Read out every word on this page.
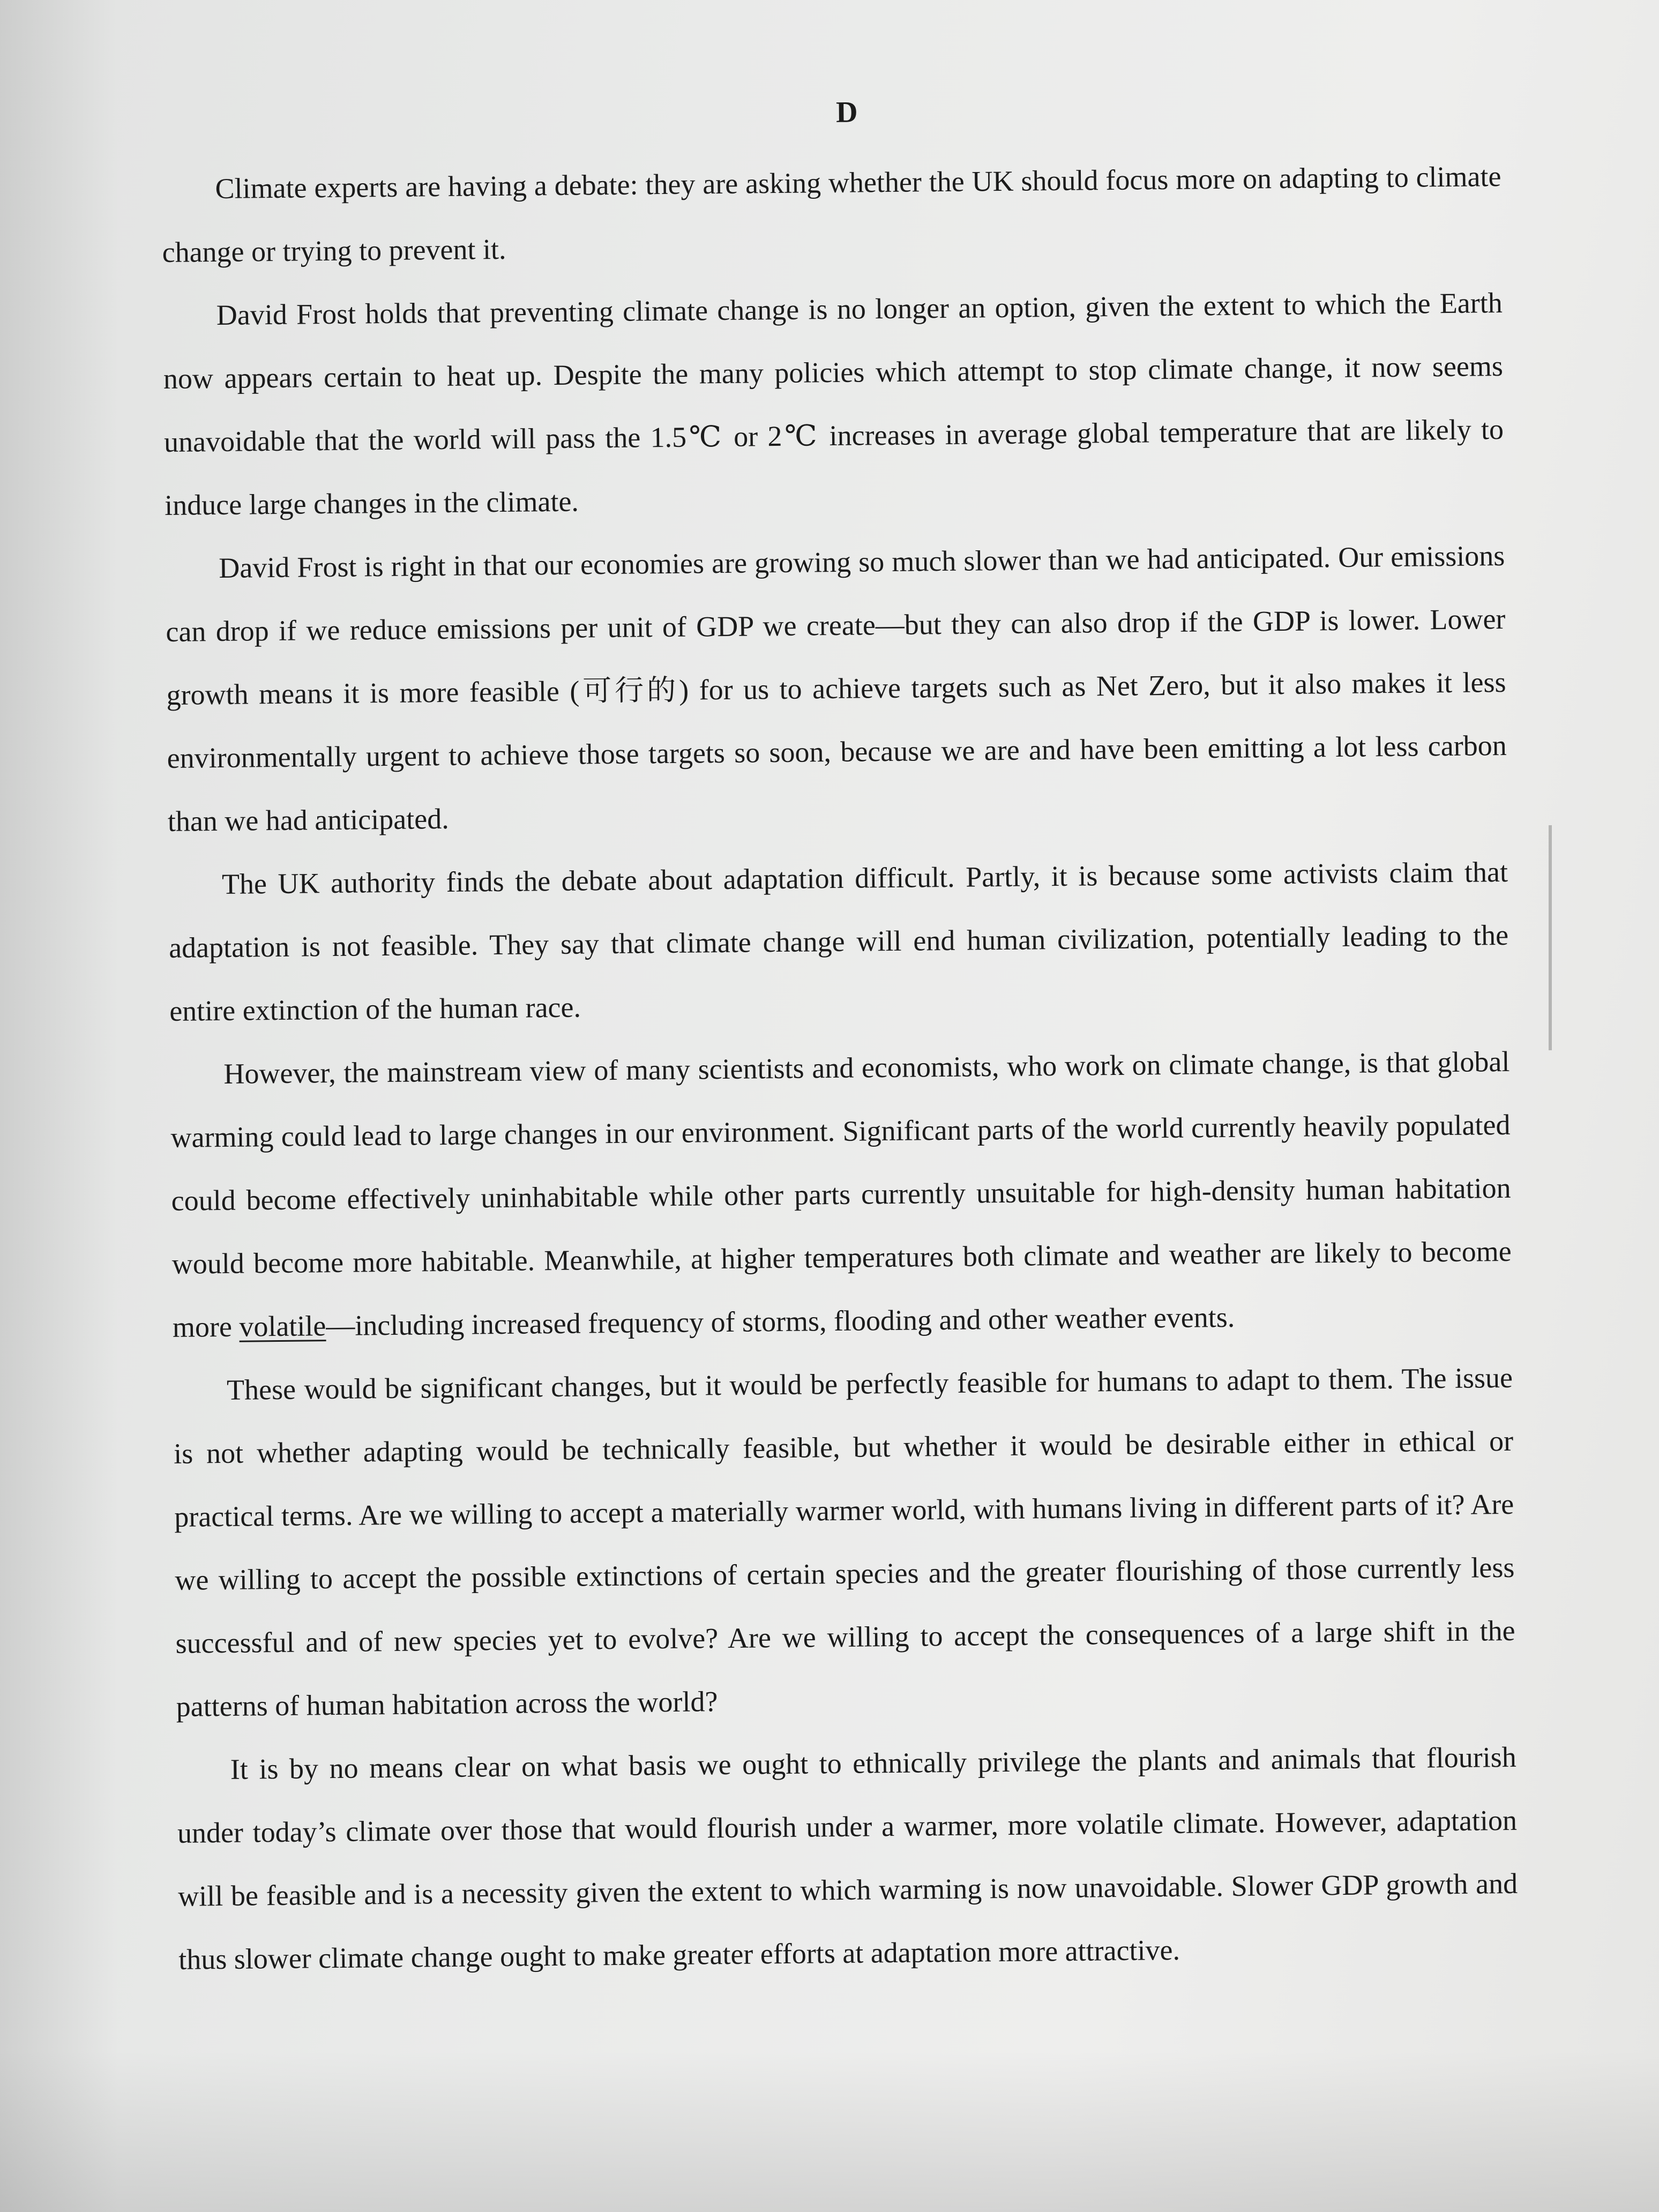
D

Climate experts are having a debate: they are asking whether the UK should focus more on adapting to climate change or trying to prevent it.

David Frost holds that preventing climate change is no longer an option, given the extent to which the Earth now appears certain to heat up. Despite the many policies which attempt to stop climate change, it now seems unavoidable that the world will pass the 1.5℃ or 2℃ increases in average global temperature that are likely to induce large changes in the climate.

David Frost is right in that our economies are growing so much slower than we had anticipated. Our emissions can drop if we reduce emissions per unit of GDP we create—but they can also drop if the GDP is lower. Lower growth means it is more feasible (可行的) for us to achieve targets such as Net Zero, but it also makes it less environmentally urgent to achieve those targets so soon, because we are and have been emitting a lot less carbon than we had anticipated.

The UK authority finds the debate about adaptation difficult. Partly, it is because some activists claim that adaptation is not feasible. They say that climate change will end human civilization, potentially leading to the entire extinction of the human race.

However, the mainstream view of many scientists and economists, who work on climate change, is that global warming could lead to large changes in our environment. Significant parts of the world currently heavily populated could become effectively uninhabitable while other parts currently unsuitable for high-density human habitation would become more habitable. Meanwhile, at higher temperatures both climate and weather are likely to become more volatile—including increased frequency of storms, flooding and other weather events.

These would be significant changes, but it would be perfectly feasible for humans to adapt to them. The issue is not whether adapting would be technically feasible, but whether it would be desirable either in ethical or practical terms. Are we willing to accept a materially warmer world, with humans living in different parts of it? Are we willing to accept the possible extinctions of certain species and the greater flourishing of those currently less successful and of new species yet to evolve? Are we willing to accept the consequences of a large shift in the patterns of human habitation across the world?

It is by no means clear on what basis we ought to ethnically privilege the plants and animals that flourish under today’s climate over those that would flourish under a warmer, more volatile climate. However, adaptation will be feasible and is a necessity given the extent to which warming is now unavoidable. Slower GDP growth and thus slower climate change ought to make greater efforts at adaptation more attractive.
